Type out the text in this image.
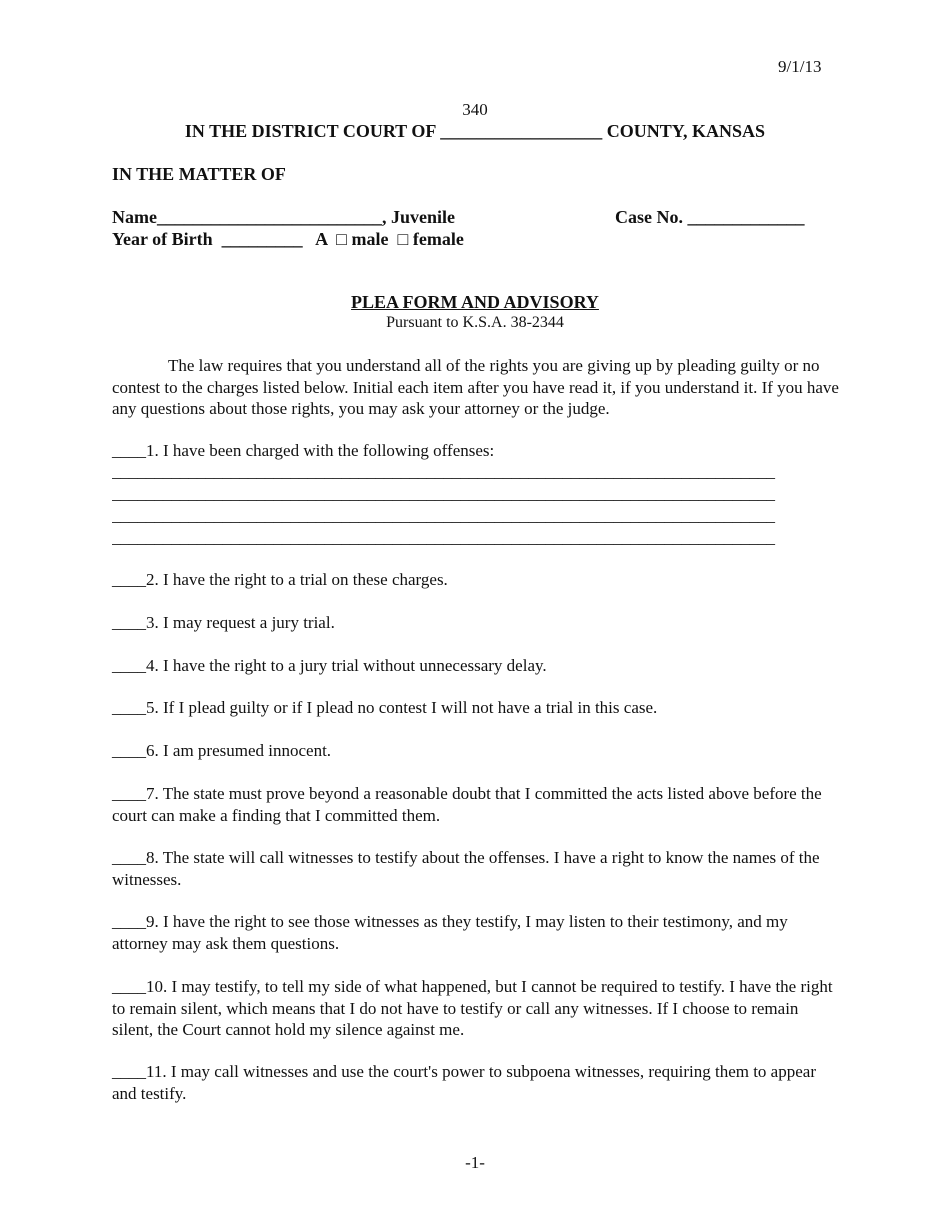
9/1/13
340
IN THE DISTRICT COURT OF __________________ COUNTY, KANSAS
IN THE MATTER OF
Name_________________________, Juvenile	Case No. _____________
Year of Birth  _________   A  □ male  □ female
PLEA FORM AND ADVISORY
Pursuant to K.S.A. 38-2344
The law requires that you understand all of the rights you are giving up by pleading guilty or no contest to the charges listed below. Initial each item after you have read it, if you understand it. If you have any questions about those rights, you may ask your attorney or the judge.
____1. I have been charged with the following offenses:
______________________________________________________________________________
______________________________________________________________________________
______________________________________________________________________________
______________________________________________________________________________
____2. I have the right to a trial on these charges.
____3. I may request a jury trial.
____4. I have the right to a jury trial without unnecessary delay.
____5. If I plead guilty or if I plead no contest I will not have a trial in this case.
____6. I am presumed innocent.
____7. The state must prove beyond a reasonable doubt that I committed the acts listed above before the court can make a finding that I committed them.
____8. The state will call witnesses to testify about the offenses. I have a right to know the names of the witnesses.
____9. I have the right to see those witnesses as they testify, I may listen to their testimony, and my attorney may ask them questions.
____10. I may testify, to tell my side of what happened, but I cannot be required to testify. I have the right to remain silent, which means that I do not have to testify or call any witnesses. If I choose to remain silent, the Court cannot hold my silence against me.
____11. I may call witnesses and use the court's power to subpoena witnesses, requiring them to appear and testify.
-1-
